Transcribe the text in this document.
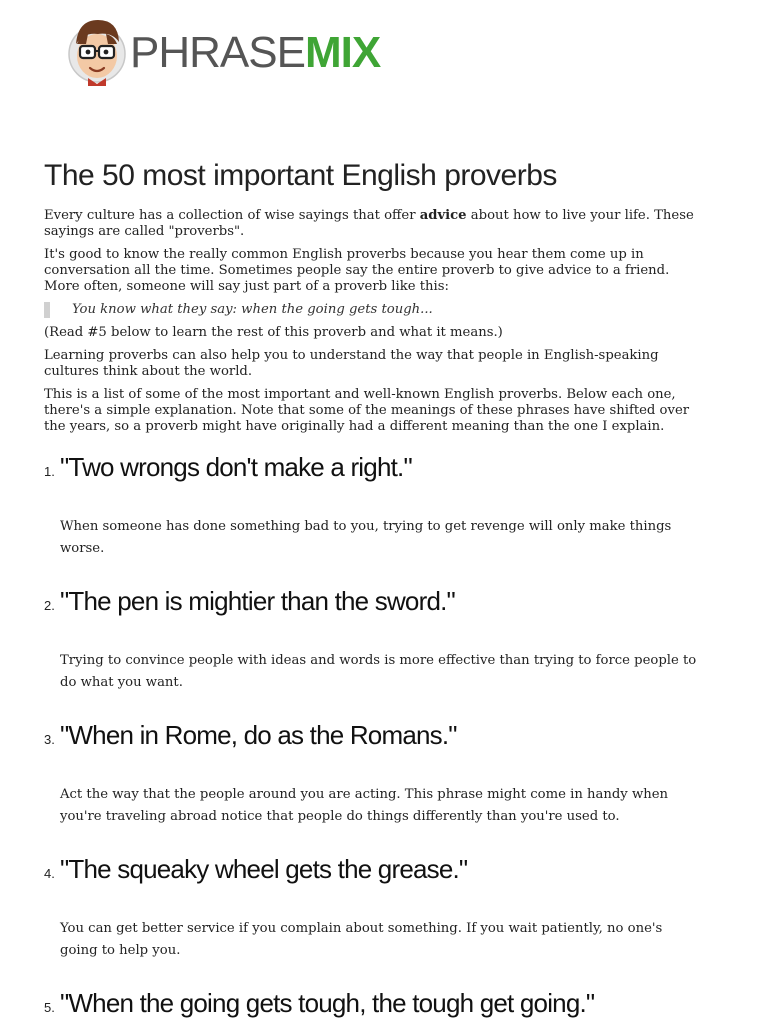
PHRASEMIX
The 50 most important English proverbs

Every culture has a collection of wise sayings that offer advice about how to live your life. These sayings are called "proverbs".

It's good to know the really common English proverbs because you hear them come up in conversation all the time. Sometimes people say the entire proverb to give advice to a friend. More often, someone will say just part of a proverb like this:

You know what they say: when the going gets tough...

(Read #5 below to learn the rest of this proverb and what it means.)

Learning proverbs can also help you to understand the way that people in English-speaking cultures think about the world.

This is a list of some of the most important and well-known English proverbs. Below each one, there's a simple explanation. Note that some of the meanings of these phrases have shifted over the years, so a proverb might have originally had a different meaning than the one I explain.

1. "Two wrongs don't make a right."

When someone has done something bad to you, trying to get revenge will only make things worse.

2. "The pen is mightier than the sword."

Trying to convince people with ideas and words is more effective than trying to force people to do what you want.

3. "When in Rome, do as the Romans."

Act the way that the people around you are acting. This phrase might come in handy when you're traveling abroad notice that people do things differently than you're used to.

4. "The squeaky wheel gets the grease."

You can get better service if you complain about something. If you wait patiently, no one's going to help you.

5. "When the going gets tough, the tough get going."
